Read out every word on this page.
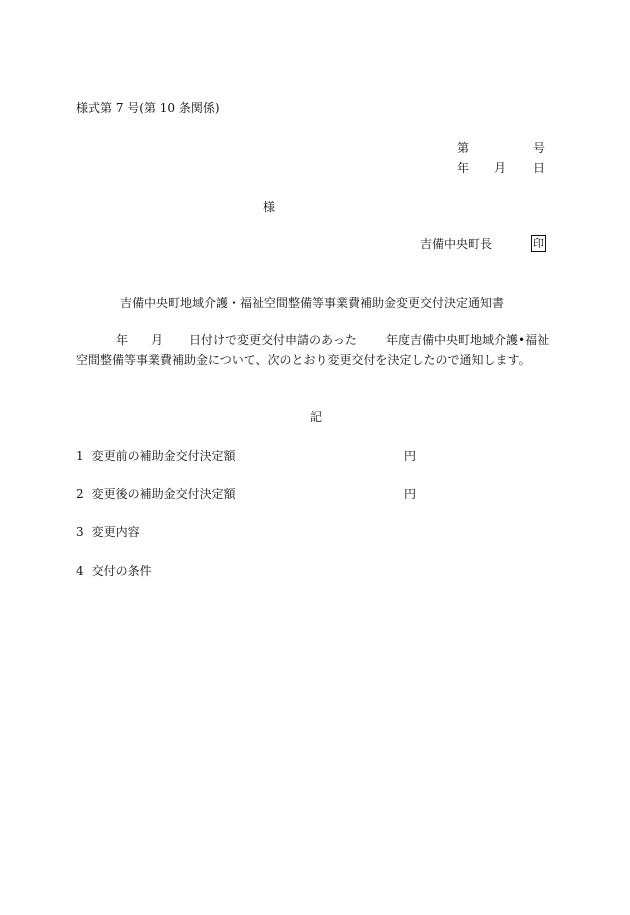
様式第 7 号(第 10 条関係)
第	号
年 月 日
様
吉備中央町長	印
吉備中央町地域介護・福祉空間整備等事業費補助金変更交付決定通知書
年 月 日付けで変更交付申請のあった 年度吉備中央町地域介護•福祉
空間整備等事業費補助金について、次のとおり変更交付を決定したので通知します。
記
1 変更前の補助金交付決定額	円
2 変更後の補助金交付決定額	円
3 変更内容
4 交付の条件
